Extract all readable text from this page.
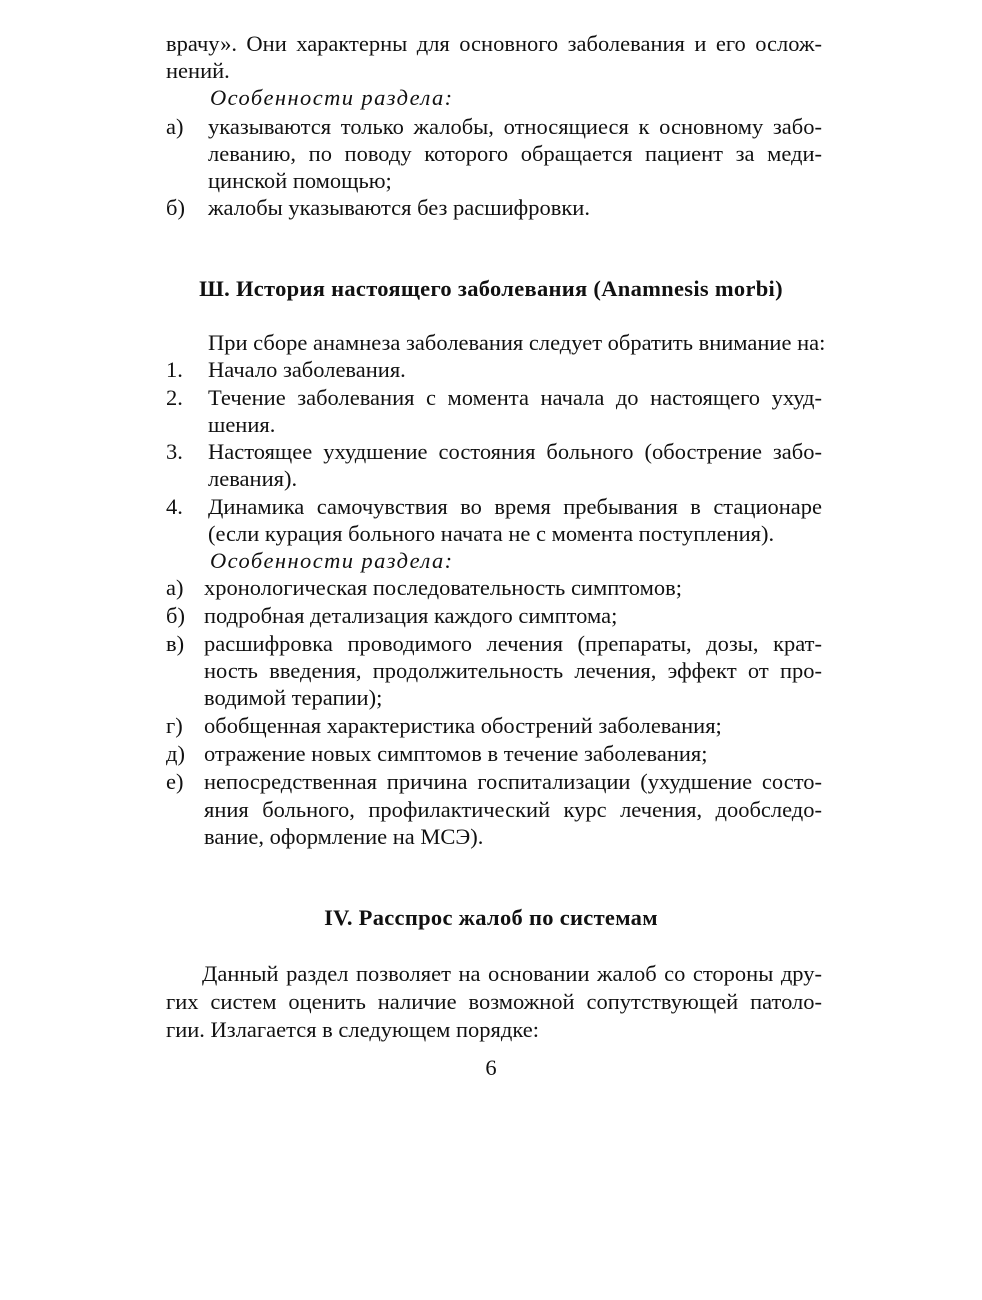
врачу». Они характерны для основного заболевания и его ослож-
нений.
Особенности раздела:
а) указываются только жалобы, относящиеся к основному забо-
леванию, по поводу которого обращается пациент за меди-
цинской помощью;
б) жалобы указываются без расшифровки.
Ш. История настоящего заболевания (Anamnesis morbi)
При сборе анамнеза заболевания следует обратить внимание на:
1. Начало заболевания.
2. Течение заболевания с момента начала до настоящего ухуд-
шения.
3. Настоящее ухудшение состояния больного (обострение забо-
левания).
4. Динамика самочувствия во время пребывания в стационаре
(если курация больного начата не с момента поступления).
Особенности раздела:
а) хронологическая последовательность симптомов;
б) подробная детализация каждого симптома;
в) расшифровка проводимого лечения (препараты, дозы, крат-
ность введения, продолжительность лечения, эффект от про-
водимой терапии);
г) обобщенная характеристика обострений заболевания;
д) отражение новых симптомов в течение заболевания;
е) непосредственная причина госпитализации (ухудшение состо-
яния больного, профилактический курс лечения, дообследо-
вание, оформление на МСЭ).
IV. Расспрос жалоб по системам
Данный раздел позволяет на основании жалоб со стороны дру-
гих систем оценить наличие возможной сопутствующей патоло-
гии. Излагается в следующем порядке:
6
